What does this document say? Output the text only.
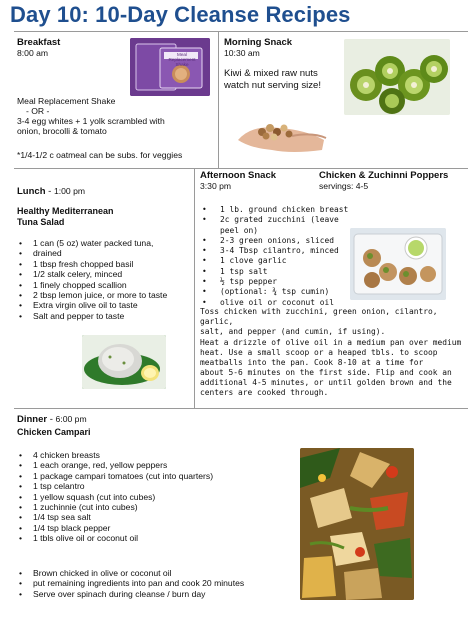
Day 10: 10-Day Cleanse Recipes
Breakfast
8:00 am	Meal Replacement Shake
Meal Replacement Shake
- OR -
3-4 egg whites + 1 yolk scrambled with
onion, brocolli & tomato
*1/4-1/2 c oatmeal can be subs. for veggies
Morning Snack
10:30 am
Kiwi & mixed raw nuts
watch nut serving size!
Lunch - 1:00 pm
Healthy Mediterranean
Tuna Salad
• 1 can (5 oz) water packed tuna,
• drained
• 1 tbsp fresh chopped basil
• 1/2 stalk celery, minced
• 1 finely chopped scallion
• 2 tbsp lemon juice, or more to taste
• Extra virgin olive oil to taste
• Salt and pepper to taste
Afternoon Snack
3:30 pm
Chicken & Zuchinni Poppers
servings: 4-5
• 1 lb. ground chicken breast
• 2c grated zucchini (leave peel on)
• 2-3 green onions, sliced
• 3-4 Tbsp cilantro, minced
• 1 clove garlic
• 1 tsp salt
• ½ tsp pepper
• (optional: ¾ tsp cumin)
• olive oil or coconut oil
Toss chicken with zucchini, green onion, cilantro, garlic,
salt, and pepper (and cumin, if using).
Heat a drizzle of olive oil in a medium pan over medium
heat. Use a small scoop or a heaped tbls. to scoop
meatballs into the pan. Cook 8-10 at a time for
about 5-6 minutes on the first side. Flip and cook an
additional 4-5 minutes, or until golden brown and the
centers are cooked through.
Dinner - 6:00 pm
Chicken Campari
• 4 chicken breasts
• 1 each orange, red, yellow peppers
• 1 package campari tomatoes (cut into quarters)
• 1 tsp celantro
• 1 yellow squash (cut into cubes)
• 1 zuchinnie (cut into cubes)
• 1/4 tsp sea salt
• 1/4 tsp black pepper
• 1 tbls olive oil or coconut oil
• Brown chicked in olive or coconut oil
• put remaining ingredients into pan and cook 20 minutes
• Serve over spinach during cleanse / burn day
